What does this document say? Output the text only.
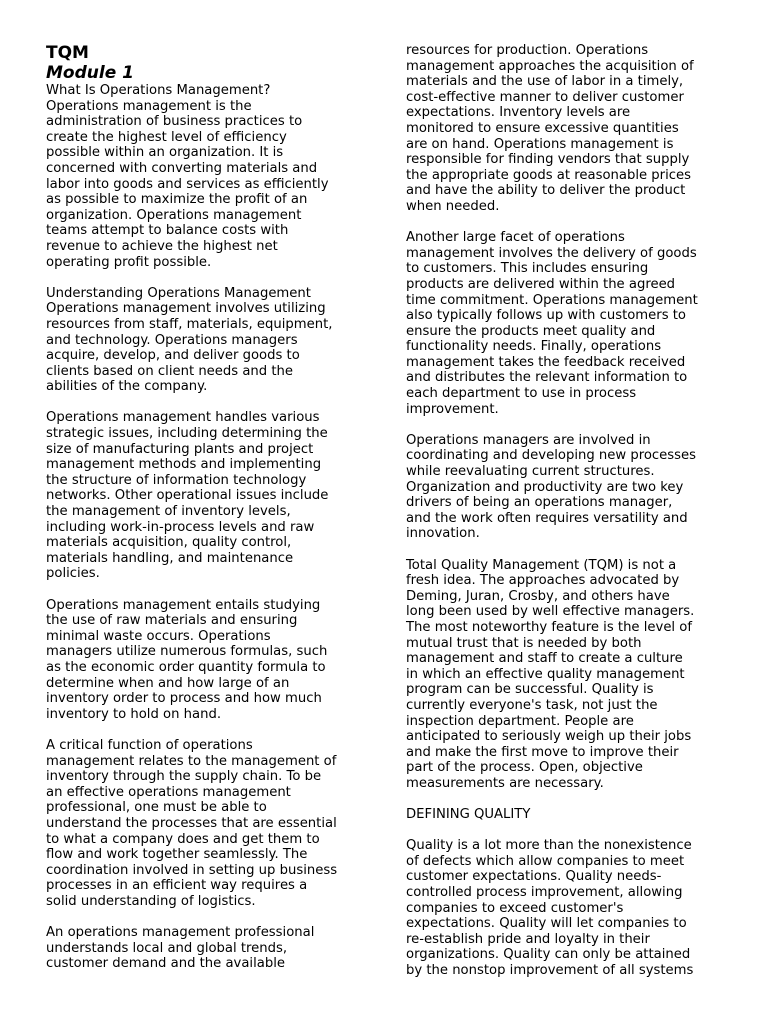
TQM
Module 1

What Is Operations Management?
Operations management is the
administration of business practices to
create the highest level of efficiency
possible within an organization. It is
concerned with converting materials and
labor into goods and services as efficiently
as possible to maximize the profit of an
organization. Operations management
teams attempt to balance costs with
revenue to achieve the highest net
operating profit possible.

Understanding Operations Management
Operations management involves utilizing
resources from staff, materials, equipment,
and technology. Operations managers
acquire, develop, and deliver goods to
clients based on client needs and the
abilities of the company.

Operations management handles various
strategic issues, including determining the
size of manufacturing plants and project
management methods and implementing
the structure of information technology
networks. Other operational issues include
the management of inventory levels,
including work-in-process levels and raw
materials acquisition, quality control,
materials handling, and maintenance
policies.

Operations management entails studying
the use of raw materials and ensuring
minimal waste occurs. Operations
managers utilize numerous formulas, such
as the economic order quantity formula to
determine when and how large of an
inventory order to process and how much
inventory to hold on hand.

A critical function of operations
management relates to the management of
inventory through the supply chain. To be
an effective operations management
professional, one must be able to
understand the processes that are essential
to what a company does and get them to
flow and work together seamlessly. The
coordination involved in setting up business
processes in an efficient way requires a
solid understanding of logistics.

An operations management professional
understands local and global trends,
customer demand and the available

resources for production. Operations
management approaches the acquisition of
materials and the use of labor in a timely,
cost-effective manner to deliver customer
expectations. Inventory levels are
monitored to ensure excessive quantities
are on hand. Operations management is
responsible for finding vendors that supply
the appropriate goods at reasonable prices
and have the ability to deliver the product
when needed.

Another large facet of operations
management involves the delivery of goods
to customers. This includes ensuring
products are delivered within the agreed
time commitment. Operations management
also typically follows up with customers to
ensure the products meet quality and
functionality needs. Finally, operations
management takes the feedback received
and distributes the relevant information to
each department to use in process
improvement.

Operations managers are involved in
coordinating and developing new processes
while reevaluating current structures.
Organization and productivity are two key
drivers of being an operations manager,
and the work often requires versatility and
innovation.

Total Quality Management (TQM) is not a
fresh idea. The approaches advocated by
Deming, Juran, Crosby, and others have
long been used by well effective managers.
The most noteworthy feature is the level of
mutual trust that is needed by both
management and staff to create a culture
in which an effective quality management
program can be successful. Quality is
currently everyone's task, not just the
inspection department. People are
anticipated to seriously weigh up their jobs
and make the first move to improve their
part of the process. Open, objective
measurements are necessary.

DEFINING QUALITY

Quality is a lot more than the nonexistence
of defects which allow companies to meet
customer expectations. Quality needs-
controlled process improvement, allowing
companies to exceed customer's
expectations. Quality will let companies to
re-establish pride and loyalty in their
organizations. Quality can only be attained
by the nonstop improvement of all systems
